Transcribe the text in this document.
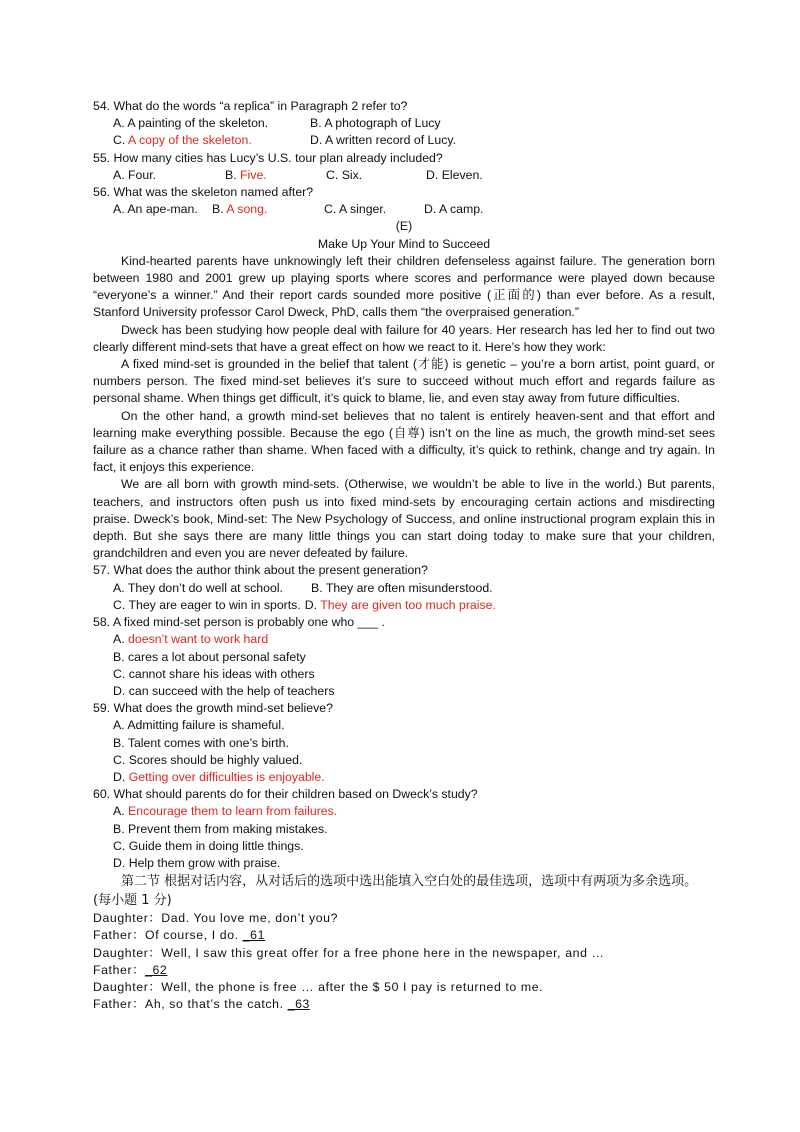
54. What do the words “a replica” in Paragraph 2 refer to?
A. A painting of the skeleton.	B. A photograph of Lucy
C. A copy of the skeleton.	D. A written record of Lucy.
55. How many cities has Lucy’s U.S. tour plan already included?
A. Four.	B. Five.	C. Six.	D. Eleven.
56. What was the skeleton named after?
A. An ape-man.	B. A song.	C. A singer.	D. A camp.
(E)
Make Up Your Mind to Succeed
Kind-hearted parents have unknowingly left their children defenseless against failure. The generation born between 1980 and 2001 grew up playing sports where scores and performance were played down because “everyone’s a winner.” And their report cards sounded more positive (正面的) than ever before. As a result, Stanford University professor Carol Dweck, PhD, calls them “the overpraised generation.”
Dweck has been studying how people deal with failure for 40 years. Her research has led her to find out two clearly different mind-sets that have a great effect on how we react to it. Here’s how they work:
A fixed mind-set is grounded in the belief that talent (才能) is genetic – you’re a born artist, point guard, or numbers person. The fixed mind-set believes it’s sure to succeed without much effort and regards failure as personal shame. When things get difficult, it’s quick to blame, lie, and even stay away from future difficulties.
On the other hand, a growth mind-set believes that no talent is entirely heaven-sent and that effort and learning make everything possible. Because the ego (自尊) isn’t on the line as much, the growth mind-set sees failure as a chance rather than shame. When faced with a difficulty, it’s quick to rethink, change and try again. In fact, it enjoys this experience.
We are all born with growth mind-sets. (Otherwise, we wouldn’t be able to live in the world.) But parents, teachers, and instructors often push us into fixed mind-sets by encouraging certain actions and misdirecting praise. Dweck’s book, Mind-set: The New Psychology of Success, and online instructional program explain this in depth. But she says there are many little things you can start doing today to make sure that your children, grandchildren and even you are never defeated by failure.
57. What does the author think about the present generation?
A. They don’t do well at school.	B. They are often misunderstood.
C. They are eager to win in sports. D. They are given too much praise.
58. A fixed mind-set person is probably one who ___ .
A. doesn’t want to work hard
B. cares a lot about personal safety
C. cannot share his ideas with others
D. can succeed with the help of teachers
59. What does the growth mind-set believe?
A. Admitting failure is shameful.
B. Talent comes with one’s birth.
C. Scores should be highly valued.
D. Getting over difficulties is enjoyable.
60. What should parents do for their children based on Dweck’s study?
A. Encourage them to learn from failures.
B. Prevent them from making mistakes.
C. Guide them in doing little things.
D. Help them grow with praise.
第二节 根据对话内容，从对话后的选项中选出能填入空白处的最佳选项，选项中有两项为多余选项。(每小题 1 分)
Daughter：Dad. You love me, don’t you?
Father：Of course, I do. _61
Daughter：Well, I saw this great offer for a free phone here in the newspaper, and …
Father：_62
Daughter：Well, the phone is free … after the $ 50 I pay is returned to me.
Father：Ah, so that’s the catch. _63
